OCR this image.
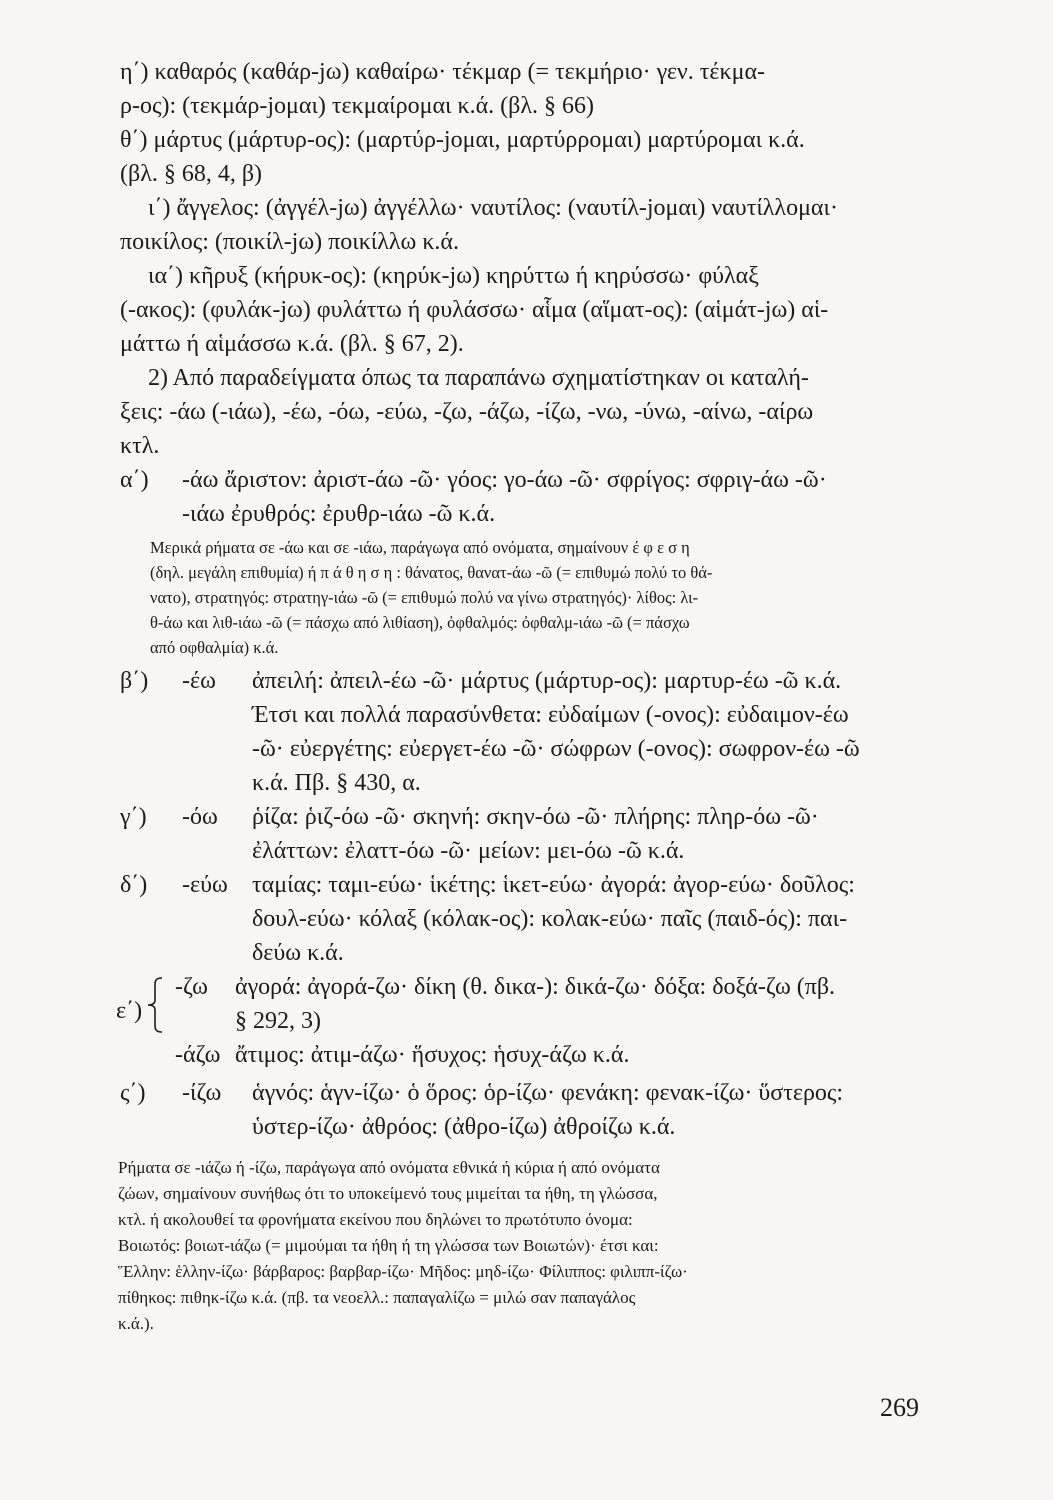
η΄) καθαρός (καθάρ-jω) καθαίρω· τέκμαρ (= τεκμήριο· γεν. τέκμα-
ρ-ος): (τεκμάρ-jομαι) τεκμαίρομαι κ.ά. (βλ. § 66)

θ΄) μάρτυς (μάρτυρ-ος): (μαρτύρ-jομαι, μαρτύρρομαι) μαρτύρομαι κ.ά.
(βλ. § 68, 4, β)

ι΄) ἄγγελος: (ἀγγέλ-jω) ἀγγέλλω· ναυτίλος: (ναυτίλ-jομαι) ναυτίλλομαι·
ποικίλος: (ποικίλ-jω) ποικίλλω κ.ά.

ια΄) κῆρυξ (κήρυκ-ος): (κηρύκ-jω) κηρύττω ή κηρύσσω· φύλαξ
(-ακος): (φυλάκ-jω) φυλάττω ή φυλάσσω· αἷμα (αἵματ-ος): (αἱμάτ-jω) αἱ-
μάττω ή αἱμάσσω κ.ά. (βλ. § 67, 2).

2) Από παραδείγματα όπως τα παραπάνω σχηματίστηκαν οι καταλή-
ξεις: -άω (-ιάω), -έω, -όω, -εύω, -ζω, -άζω, -ίζω, -νω, -ύνω, -αίνω, -αίρω
κτλ.

α΄)	-άω ἄριστον: ἀριστ-άω -ῶ· γόος: γο-άω -ῶ· σφρίγος: σφριγ-άω -ῶ·
-ιάω ἐρυθρός: ἐρυθρ-ιάω -ῶ κ.ά.

Μερικά ρήματα σε -άω και σε -ιάω, παράγωγα από ονόματα, σημαίνουν έ φ ε σ η
(δηλ. μεγάλη επιθυμία) ή π ά θ η σ η : θάνατος, θανατ-άω -ῶ (= επιθυμώ πολύ το θά-
νατο), στρατηγός: στρατηγ-ιάω -ῶ (= επιθυμώ πολύ να γίνω στρατηγός)· λίθος: λι-
θ-άω και λιθ-ιάω -ῶ (= πάσχω από λιθίαση), ὀφθαλμός: ὀφθαλμ-ιάω -ῶ (= πάσχω
από οφθαλμία) κ.ά.

β΄)	-έω	ἀπειλή: ἀπειλ-έω -ῶ· μάρτυς (μάρτυρ-ος): μαρτυρ-έω -ῶ κ.ά.
Έτσι και πολλά παρασύνθετα: εὐδαίμων (-ονος): εὐδαιμον-έω
-ῶ· εὐεργέτης: εὐεργετ-έω -ῶ· σώφρων (-ονος): σωφρον-έω -ῶ
κ.ά. Πβ. § 430, α.
γ΄)	-όω	ῥίζα: ῥιζ-όω -ῶ· σκηνή: σκην-όω -ῶ· πλήρης: πληρ-όω -ῶ·
ἐλάττων: ἐλαττ-όω -ῶ· μείων: μει-όω -ῶ κ.ά.
δ΄)	-εύω	ταμίας: ταμι-εύω· ἱκέτης: ἱκετ-εύω· ἀγορά: ἀγορ-εύω· δοῦλος:
δουλ-εύω· κόλαξ (κόλακ-ος): κολακ-εύω· παῖς (παιδ-ός): παι-
δεύω κ.ά.
ε΄)
-ζω	ἀγορά: ἀγορά-ζω· δίκη (θ. δικα-): δικά-ζω· δόξα: δοξά-ζω (πβ.
§ 292, 3)
-άζω ἄτιμος: ἀτιμ-άζω· ἥσυχος: ἡσυχ-άζω κ.ά.
ς΄)	-ίζω	ἁγνός: ἁγν-ίζω· ὁ ὅρος: ὁρ-ίζω· φενάκη: φενακ-ίζω· ὕστερος:
ὑστερ-ίζω· ἀθρόος: (ἀθρο-ίζω) ἀθροίζω κ.ά.

Ρήματα σε -ιάζω ή -ίζω, παράγωγα από ονόματα εθνικά ή κύρια ή από ονόματα
ζώων, σημαίνουν συνήθως ότι το υποκείμενό τους μιμείται τα ήθη, τη γλώσσα,
κτλ. ή ακολουθεί τα φρονήματα εκείνου που δηλώνει το πρωτότυπο όνομα:
Βοιωτός: βοιωτ-ιάζω (= μιμούμαι τα ήθη ή τη γλώσσα των Βοιωτών)· έτσι και:
Ἕλλην: ἑλλην-ίζω· βάρβαρος: βαρβαρ-ίζω· Μῆδος: μηδ-ίζω· Φίλιππος: φιλιππ-ίζω·
πίθηκος: πιθηκ-ίζω κ.ά. (πβ. τα νεοελλ.: παπαγαλίζω = μιλώ σαν παπαγάλος
κ.ά.).

269
